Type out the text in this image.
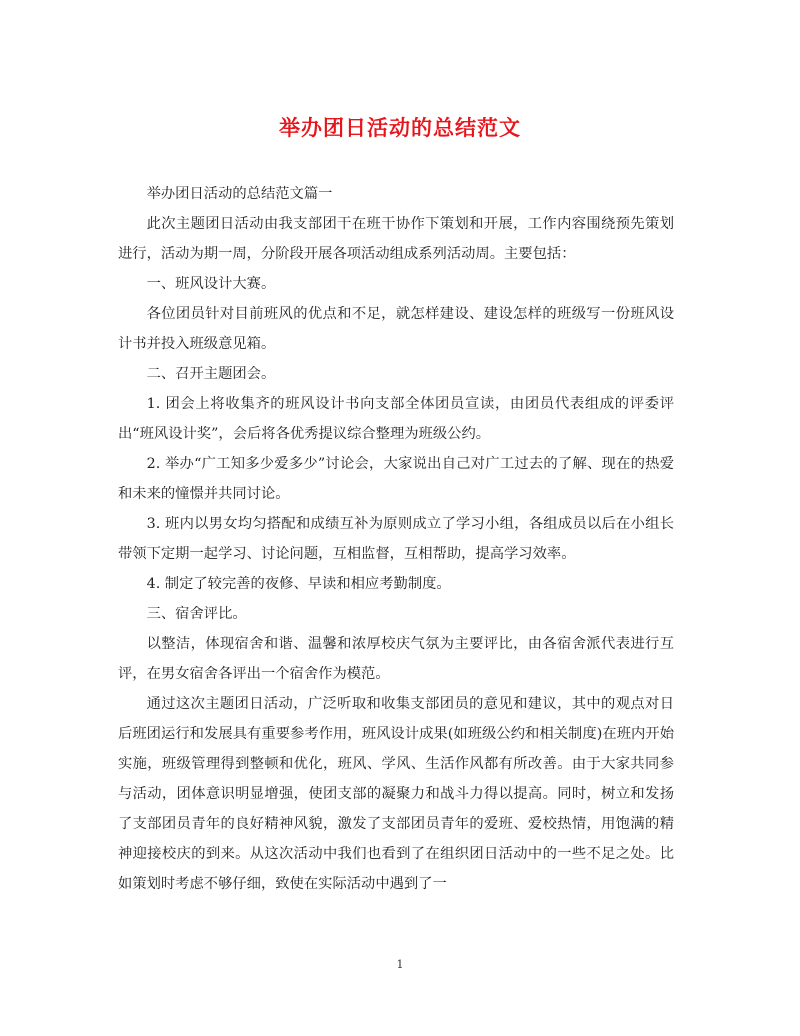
举办团日活动的总结范文

举办团日活动的总结范文篇一

此次主题团日活动由我支部团干在班干协作下策划和开展，工作内容围绕预先策划进行，活动为期一周，分阶段开展各项活动组成系列活动周。主要包括：

一、班风设计大赛。

各位团员针对目前班风的优点和不足，就怎样建设、建设怎样的班级写一份班风设计书并投入班级意见箱。

二、召开主题团会。

1. 团会上将收集齐的班风设计书向支部全体团员宣读，由团员代表组成的评委评出“班风设计奖”，会后将各优秀提议综合整理为班级公约。

2. 举办“广工知多少爱多少”讨论会，大家说出自己对广工过去的了解、现在的热爱和未来的憧憬并共同讨论。

3. 班内以男女均匀搭配和成绩互补为原则成立了学习小组，各组成员以后在小组长带领下定期一起学习、讨论问题，互相监督，互相帮助，提高学习效率。

4. 制定了较完善的夜修、早读和相应考勤制度。

三、宿舍评比。

以整洁，体现宿舍和谐、温馨和浓厚校庆气氛为主要评比，由各宿舍派代表进行互评，在男女宿舍各评出一个宿舍作为模范。

通过这次主题团日活动，广泛听取和收集支部团员的意见和建议，其中的观点对日后班团运行和发展具有重要参考作用，班风设计成果(如班级公约和相关制度)在班内开始实施，班级管理得到整顿和优化，班风、学风、生活作风都有所改善。由于大家共同参与活动，团体意识明显增强，使团支部的凝聚力和战斗力得以提高。同时，树立和发扬了支部团员青年的良好精神风貌，激发了支部团员青年的爱班、爱校热情，用饱满的精神迎接校庆的到来。从这次活动中我们也看到了在组织团日活动中的一些不足之处。比如策划时考虑不够仔细，致使在实际活动中遇到了一

1
